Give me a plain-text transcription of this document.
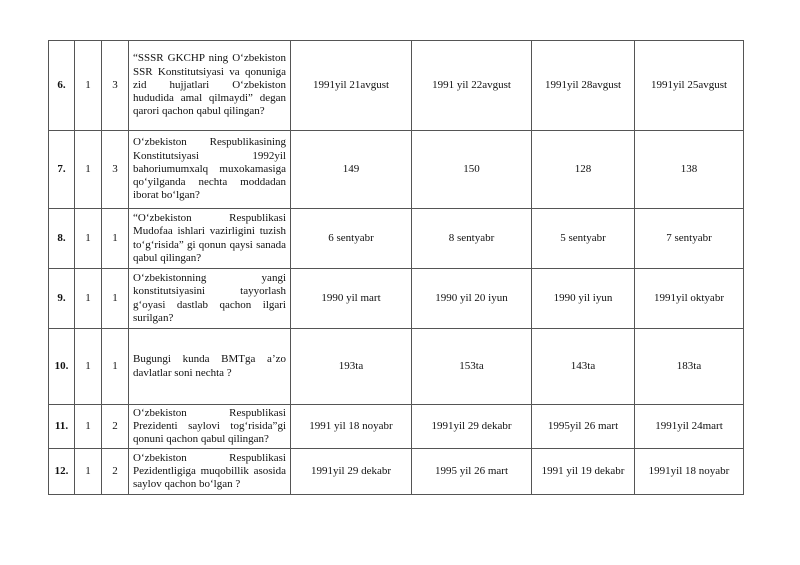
6.	1	3	“SSSR GKCHP ning O‘zbekiston SSR Konstitutsiyasi va qonuniga zid hujjatlari O‘zbekiston hududida amal qilmaydi” degan qarori qachon qabul qilingan?	1991yil 21avgust	1991 yil 22avgust	1991yil 28avgust	1991yil 25avgust
7.	1	3	O‘zbekiston Respublikasining Konstitutsiyasi 1992yil bahoriumumxalq muxokamasiga qo‘yilganda nechta moddadan iborat bo‘lgan?	149	150	128	138
8.	1	1	“O‘zbekiston Respublikasi Mudofaa ishlari vazirligini tuzish to‘g‘risida” gi qonun qaysi sanada qabul qilingan?	6 sentyabr	8 sentyabr	5 sentyabr	7 sentyabr
9.	1	1	O‘zbekistonning yangi konstitutsiyasini tayyorlash g‘oyasi dastlab qachon ilgari surilgan?	1990 yil mart	1990 yil 20 iyun	1990 yil iyun	1991yil oktyabr
10.	1	1	Bugungi kunda BMTga a’zo davlatlar soni nechta ?	193ta	153ta	143ta	183ta
11.	1	2	O‘zbekiston Respublikasi Prezidenti saylovi tog‘risida”gi qonuni qachon qabul qilingan?	1991 yil 18 noyabr	1991yil 29 dekabr	1995yil 26 mart	1991yil 24mart
12.	1	2	O‘zbekiston Respublikasi Pezidentligiga muqobillik asosida saylov qachon bo‘lgan ?	1991yil 29 dekabr	1995 yil 26 mart	1991 yil 19 dekabr	1991yil 18 noyabr
